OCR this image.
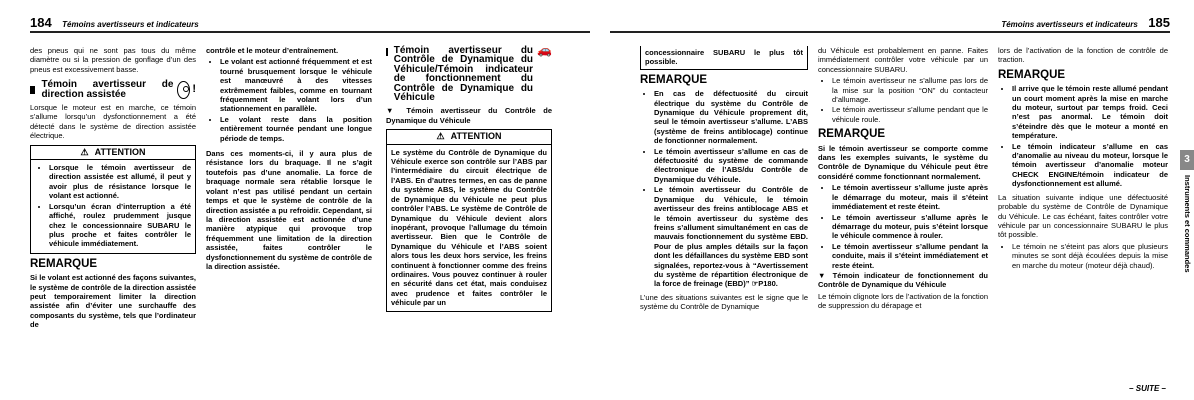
184 Témoins avertisseurs et indicateurs

des pneus qui ne sont pas tous du même diamètre ou si la pression de gonflage d’un des pneus est excessivement basse.

Témoin avertisseur de direction assistée	!

Lorsque le moteur est en marche, ce témoin s’allume lorsqu’un dysfonctionnement a été détecté dans le système de direction assistée électrique.

⚠ ATTENTION
• Lorsque le témoin avertisseur de direction assistée est allumé, il peut y avoir plus de résistance lorsque le volant est actionné.
• Lorsqu’un écran d’interruption a été affiché, roulez prudemment jusque chez le concessionnaire SUBARU le plus proche et faites contrôler le véhicule immédiatement.
REMARQUE

Si le volant est actionné des façons suivantes, le système de contrôle de la direction assistée peut temporairement limiter la direction assistée afin d’éviter une surchauffe des composants du système, tels que l’ordinateur de

contrôle et le moteur d’entraînement.

• Le volant est actionné fréquemment et est tourné brusquement lorsque le véhicule est manœuvré à des vitesses extrêmement faibles, comme en tournant fréquemment le volant lors d’un stationnement en parallèle.
• Le volant reste dans la position entièrement tournée pendant une longue période de temps.

Dans ces moments-ci, il y aura plus de résistance lors du braquage. Il ne s’agit toutefois pas d’une anomalie. La force de braquage normale sera rétablie lorsque le volant n’est pas utilisé pendant un certain temps et que le système de contrôle de la direction assistée a pu refroidir. Cependant, si la direction assistée est actionnée d’une manière atypique qui provoque trop fréquemment une limitation de la direction assistée, faites contrôler le dysfonctionnement du système de contrôle de la direction assistée.

Témoin avertisseur du Contrôle de Dynamique du Véhicule/Témoin indicateur de fonctionnement du Contrôle de Dynamique du Véhicule
🚗

▼ Témoin avertisseur du Contrôle de Dynamique du Véhicule

⚠ ATTENTION
Le système du Contrôle de Dynamique du Véhicule exerce son contrôle sur l’ABS par l’intermédiaire du circuit électrique de l’ABS. En d’autres termes, en cas de panne du système ABS, le système du Contrôle de Dynamique du Véhicule ne peut plus contrôler l’ABS. Le système de Contrôle de Dynamique du Véhicule devient alors inopérant, provoque l’allumage du témoin avertisseur. Bien que le Contrôle de Dynamique du Véhicule et l’ABS soient alors tous les deux hors service, les freins continuent à fonctionner comme des freins ordinaires. Vous pouvez continuer à rouler en sécurité dans cet état, mais conduisez avec prudence et faites contrôler le véhicule par un
Témoins avertisseurs et indicateurs 185
concessionnaire SUBARU le plus tôt possible.
REMARQUE
• En cas de défectuosité du circuit électrique du système du Contrôle de Dynamique du Véhicule proprement dit, seul le témoin avertisseur s’allume. L’ABS (système de freins antiblocage) continue de fonctionner normalement.
• Le témoin avertisseur s’allume en cas de défectuosité du système de commande électronique de l’ABS/du Contrôle de Dynamique du Véhicule.
• Le témoin avertisseur du Contrôle de Dynamique du Véhicule, le témoin avertisseur des freins antiblocage ABS et le témoin avertisseur du système des freins s’allument simultanément en cas de mauvais fonctionnement du système EBD. Pour de plus amples détails sur la façon dont les défaillances du système EBD sont signalées, reportez-vous à “Avertissement du système de répartition électronique de la force de freinage (EBD)” ☞P180.

L’une des situations suivantes est le signe que le système du Contrôle de Dynamique

du Véhicule est probablement en panne. Faites immédiatement contrôler votre véhicule par un concessionnaire SUBARU.

• Le témoin avertisseur ne s’allume pas lors de la mise sur la position “ON” du contacteur d’allumage.
• Le témoin avertisseur s’allume pendant que le véhicule roule.
REMARQUE

Si le témoin avertisseur se comporte comme dans les exemples suivants, le système du Contrôle de Dynamique du Véhicule peut être considéré comme fonctionnant normalement.

• Le témoin avertisseur s’allume juste après le démarrage du moteur, mais il s’éteint immédiatement et reste éteint.
• Le témoin avertisseur s’allume après le démarrage du moteur, puis s’éteint lorsque le véhicule commence à rouler.
• Le témoin avertisseur s’allume pendant la conduite, mais il s’éteint immédiatement et reste éteint.

▼ Témoin indicateur de fonctionnement du Contrôle de Dynamique du Véhicule

Le témoin clignote lors de l’activation de la fonction de suppression du dérapage et

lors de l’activation de la fonction de contrôle de traction.

REMARQUE
• Il arrive que le témoin reste allumé pendant un court moment après la mise en marche du moteur, surtout par temps froid. Ceci n’est pas anormal. Le témoin doit s’éteindre dès que le moteur a monté en température.
• Le témoin indicateur s’allume en cas d’anomalie au niveau du moteur, lorsque le témoin avertisseur d’anomalie moteur CHECK ENGINE/témoin indicateur de dysfonctionnement est allumé.

La situation suivante indique une défectuosité probable du système de Contrôle de Dynamique du Véhicule. Le cas échéant, faites contrôler votre véhicule par un concessionnaire SUBARU le plus tôt possible.

• Le témoin ne s’éteint pas alors que plusieurs minutes se sont déjà écoulées depuis la mise en marche du moteur (moteur déjà chaud).
3
Instruments et commandes
– SUITE –
